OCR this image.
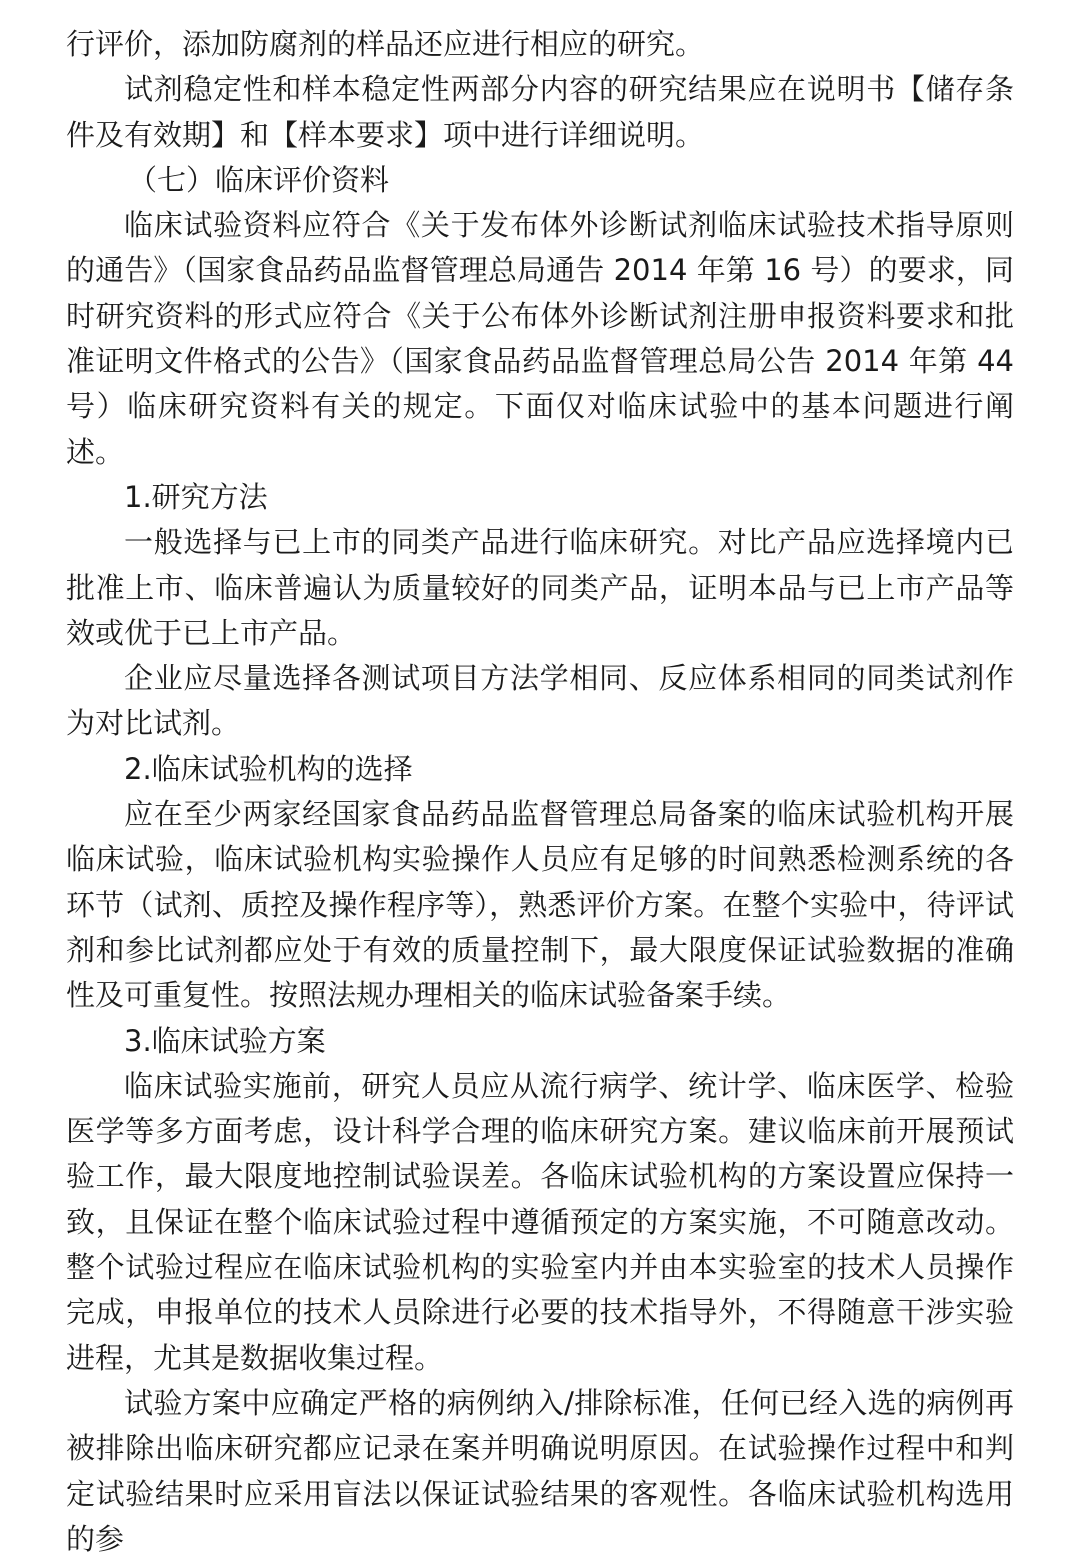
行评价，添加防腐剂的样品还应进行相应的研究。

试剂稳定性和样本稳定性两部分内容的研究结果应在说明书【储存条件及有效期】和【样本要求】项中进行详细说明。

（七）临床评价资料

临床试验资料应符合《关于发布体外诊断试剂临床试验技术指导原则的通告》（国家食品药品监督管理总局通告 2014 年第 16 号）的要求，同时研究资料的形式应符合《关于公布体外诊断试剂注册申报资料要求和批准证明文件格式的公告》（国家食品药品监督管理总局公告 2014 年第 44 号）临床研究资料有关的规定。下面仅对临床试验中的基本问题进行阐述。

1.研究方法

一般选择与已上市的同类产品进行临床研究。对比产品应选择境内已批准上市、临床普遍认为质量较好的同类产品，证明本品与已上市产品等效或优于已上市产品。

企业应尽量选择各测试项目方法学相同、反应体系相同的同类试剂作为对比试剂。

2.临床试验机构的选择

应在至少两家经国家食品药品监督管理总局备案的临床试验机构开展临床试验，临床试验机构实验操作人员应有足够的时间熟悉检测系统的各环节（试剂、质控及操作程序等），熟悉评价方案。在整个实验中，待评试剂和参比试剂都应处于有效的质量控制下，最大限度保证试验数据的准确性及可重复性。按照法规办理相关的临床试验备案手续。

3.临床试验方案

临床试验实施前，研究人员应从流行病学、统计学、临床医学、检验医学等多方面考虑，设计科学合理的临床研究方案。建议临床前开展预试验工作，最大限度地控制试验误差。各临床试验机构的方案设置应保持一致，且保证在整个临床试验过程中遵循预定的方案实施，不可随意改动。整个试验过程应在临床试验机构的实验室内并由本实验室的技术人员操作完成，申报单位的技术人员除进行必要的技术指导外，不得随意干涉实验进程，尤其是数据收集过程。

试验方案中应确定严格的病例纳入/排除标准，任何已经入选的病例再被排除出临床研究都应记录在案并明确说明原因。在试验操作过程中和判定试验结果时应采用盲法以保证试验结果的客观性。各临床试验机构选用的参
